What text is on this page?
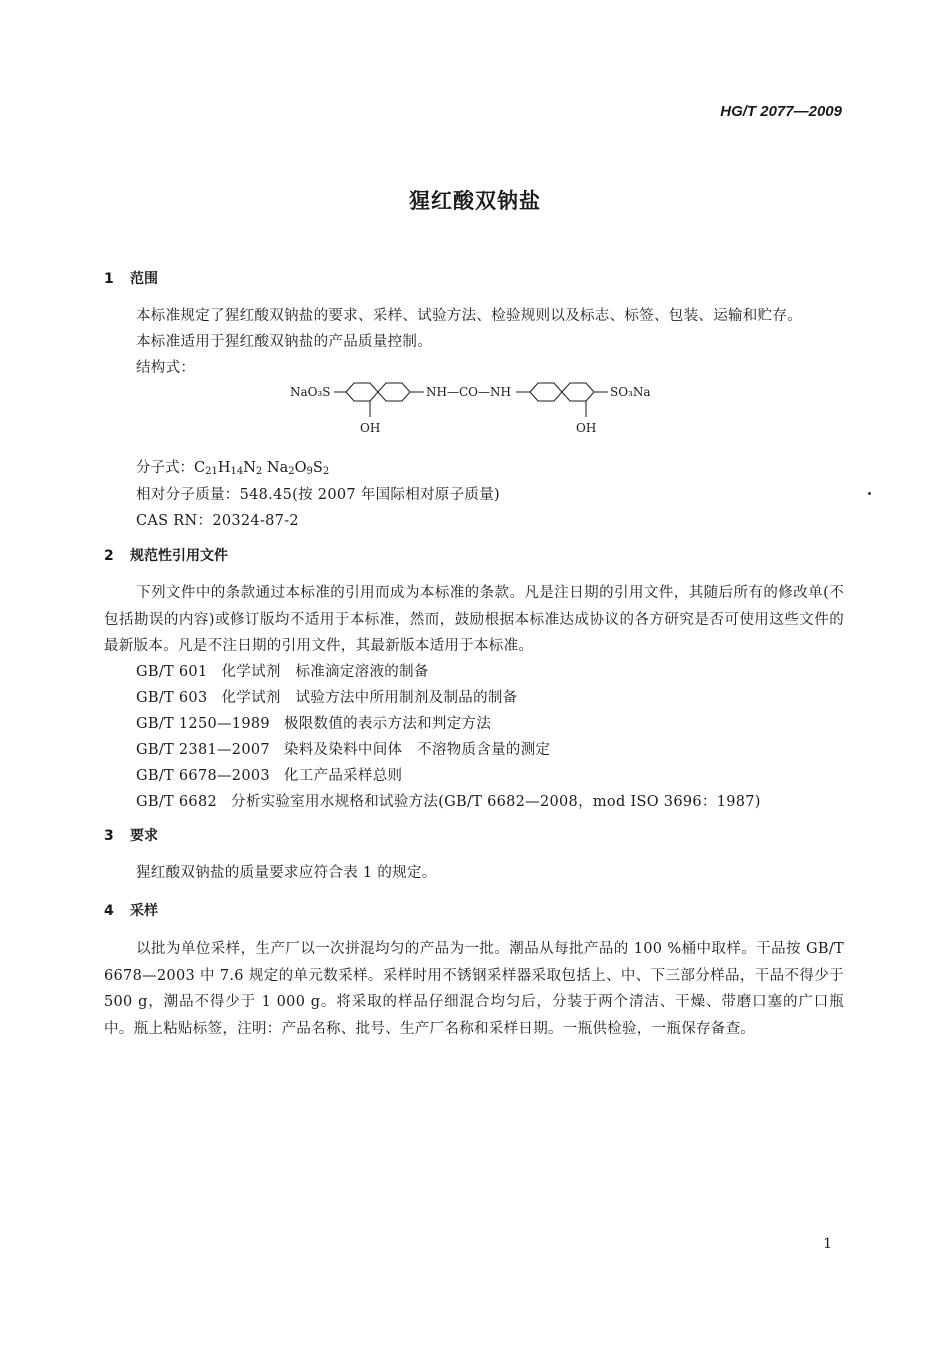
HG/T 2077—2009
猩红酸双钠盐
1 范围
本标准规定了猩红酸双钠盐的要求、采样、试验方法、检验规则以及标志、标签、包装、运输和贮存。
本标准适用于猩红酸双钠盐的产品质量控制。
结构式：
NaO₃S
OH
NH—CO—NH
OH
SO₃Na
分子式：$C_{21}H_{14}N_2$ $Na_2O_9S_2$
相对分子质量：548.45(按 2007 年国际相对原子质量)
CAS RN：20324-87-2
2 规范性引用文件
下列文件中的条款通过本标准的引用而成为本标准的条款。凡是注日期的引用文件，其随后所有的修改单(不包括勘误的内容)或修订版均不适用于本标准，然而，鼓励根据本标准达成协议的各方研究是否可使用这些文件的最新版本。凡是不注日期的引用文件，其最新版本适用于本标准。
GB/T 601 化学试剂　标准滴定溶液的制备
GB/T 603 化学试剂　试验方法中所用制剂及制品的制备
GB/T 1250—1989 极限数值的表示方法和判定方法
GB/T 2381—2007 染料及染料中间体　不溶物质含量的测定
GB/T 6678—2003 化工产品采样总则
GB/T 6682 分析实验室用水规格和试验方法(GB/T 6682—2008，mod ISO 3696：1987)
3 要求
猩红酸双钠盐的质量要求应符合表 1 的规定。
4 采样
以批为单位采样，生产厂以一次拼混均匀的产品为一批。潮品从每批产品的 100 %桶中取样。干品按 GB/T 6678—2003 中 7.6 规定的单元数采样。采样时用不锈钢采样器采取包括上、中、下三部分样品，干品不得少于 500 g，潮品不得少于 1 000 g。将采取的样品仔细混合均匀后，分装于两个清洁、干燥、带磨口塞的广口瓶中。瓶上粘贴标签，注明：产品名称、批号、生产厂名称和采样日期。一瓶供检验，一瓶保存备查。
1
